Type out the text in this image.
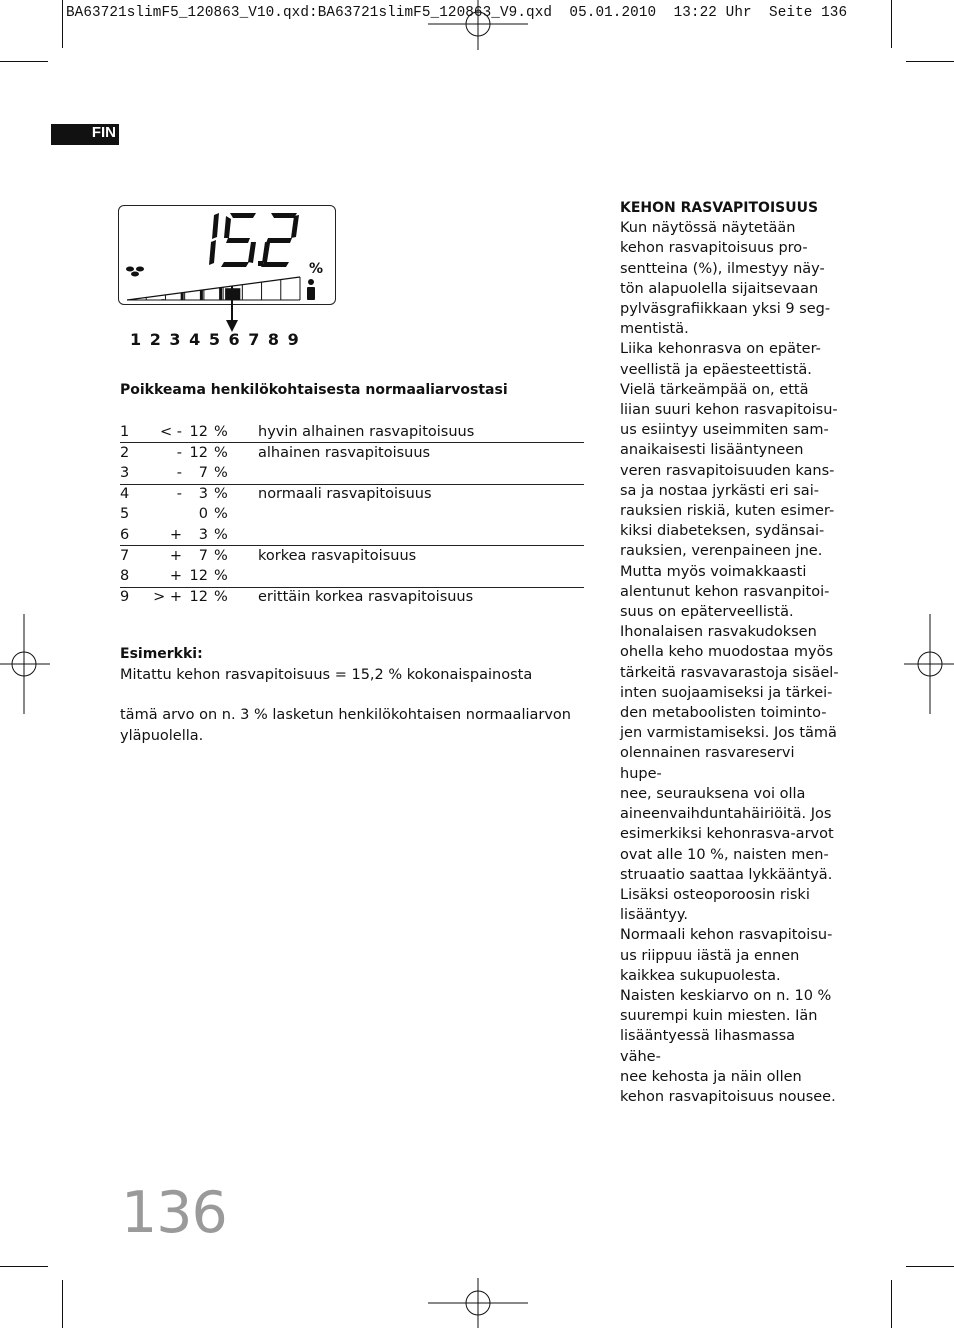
BA63721slimF5_120863_V10.qxd:BA63721slimF5_120863_V9.qxd  05.01.2010  13:22 Uhr  Seite 136
FIN
%
1 2 3 4 5 6 7 8 9
Poikkeama henkilökohtaisesta normaaliarvostasi
1	< -	12	%	hyvin alhainen rasvapitoisuus
2	-	12	%	alhainen rasvapitoisuus
3	-	7	%	
4	-	3	%	normaali rasvapitoisuus
5		0	%	
6	+	3	%	
7	+	7	%	korkea rasvapitoisuus
8	+	12	%	
9	> +	12	%	erittäin korkea rasvapitoisuus
Esimerkki:
Mitattu kehon rasvapitoisuus = 15,2 % kokonaispainosta
tämä arvo on n. 3 % lasketun henkilökohtaisen normaaliarvon
yläpuolella.
KEHON RASVAPITOISUUS
Kun näytössä näytetään
kehon rasvapitoisuus pro-
sentteina (%), ilmestyy näy-
tön alapuolella sijaitsevaan
pylväsgrafiikkaan yksi 9 seg-
mentistä.
Liika kehonrasva on epäter-
veellistä ja epäesteettistä.
Vielä tärkeämpää on, että
liian suuri kehon rasvapitoisu-
us esiintyy useimmiten sam-
anaikaisesti lisääntyneen
veren rasvapitoisuuden kans-
sa ja nostaa jyrkästi eri sai-
rauksien riskiä, kuten esimer-
kiksi diabeteksen, sydänsai-
rauksien, verenpaineen jne.
Mutta myös voimakkaasti
alentunut kehon rasvanpitoi-
suus on epäterveellistä.
Ihonalaisen rasvakudoksen
ohella keho muodostaa myös
tärkeitä rasvavarastoja sisäel-
inten suojaamiseksi ja tärkei-
den metaboolisten toiminto-
jen varmistamiseksi. Jos tämä
olennainen rasvareservi hupe-
nee, seurauksena voi olla
aineenvaihduntahäiriöitä. Jos
esimerkiksi kehonrasva-arvot
ovat alle 10 %, naisten men-
struaatio saattaa lykkääntyä.
Lisäksi osteoporoosin riski
lisääntyy.
Normaali kehon rasvapitoisu-
us riippuu iästä ja ennen
kaikkea sukupuolesta.
Naisten keskiarvo on n. 10 %
suurempi kuin miesten. Iän
lisääntyessä lihasmassa vähe-
nee kehosta ja näin ollen
kehon rasvapitoisuus nousee.
136
